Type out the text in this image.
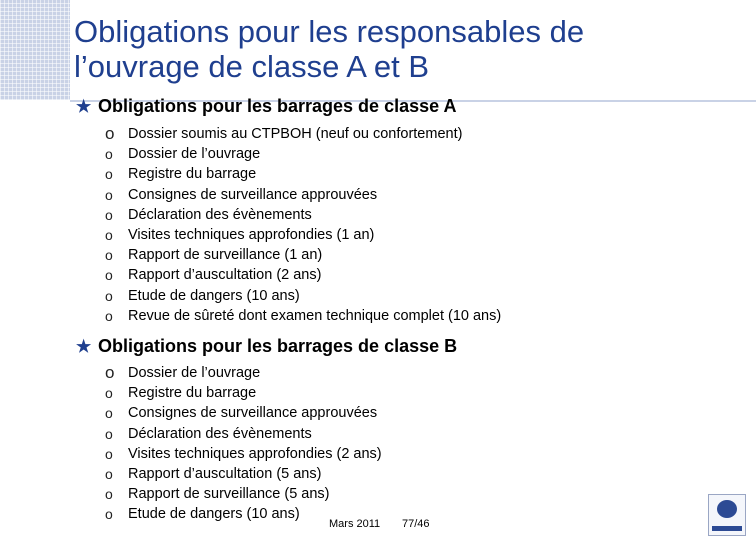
Obligations pour les responsables de
l’ouvrage de classe A et B
★ Obligations pour les barrages de classe A
o Dossier soumis au CTPBOH (neuf ou confortement)
o	Dossier de l’ouvrage
o	Registre du barrage
o	Consignes de surveillance approuvées
o	Déclaration des évènements
o	Visites techniques approfondies (1 an)
o	Rapport de surveillance (1 an)
o	Rapport d’auscultation (2 ans)
o	Etude de dangers (10 ans)
o	Revue de sûreté dont examen technique complet (10 ans)
★ Obligations pour les barrages de classe B
o Dossier de l’ouvrage
o	Registre du barrage
o	Consignes de surveillance approuvées
o	Déclaration des évènements
o	Visites techniques approfondies (2 ans)
o	Rapport d’auscultation (5 ans)
o	Rapport de surveillance (5 ans)
o	Etude de dangers (10 ans)
Mars 2011 77/46
